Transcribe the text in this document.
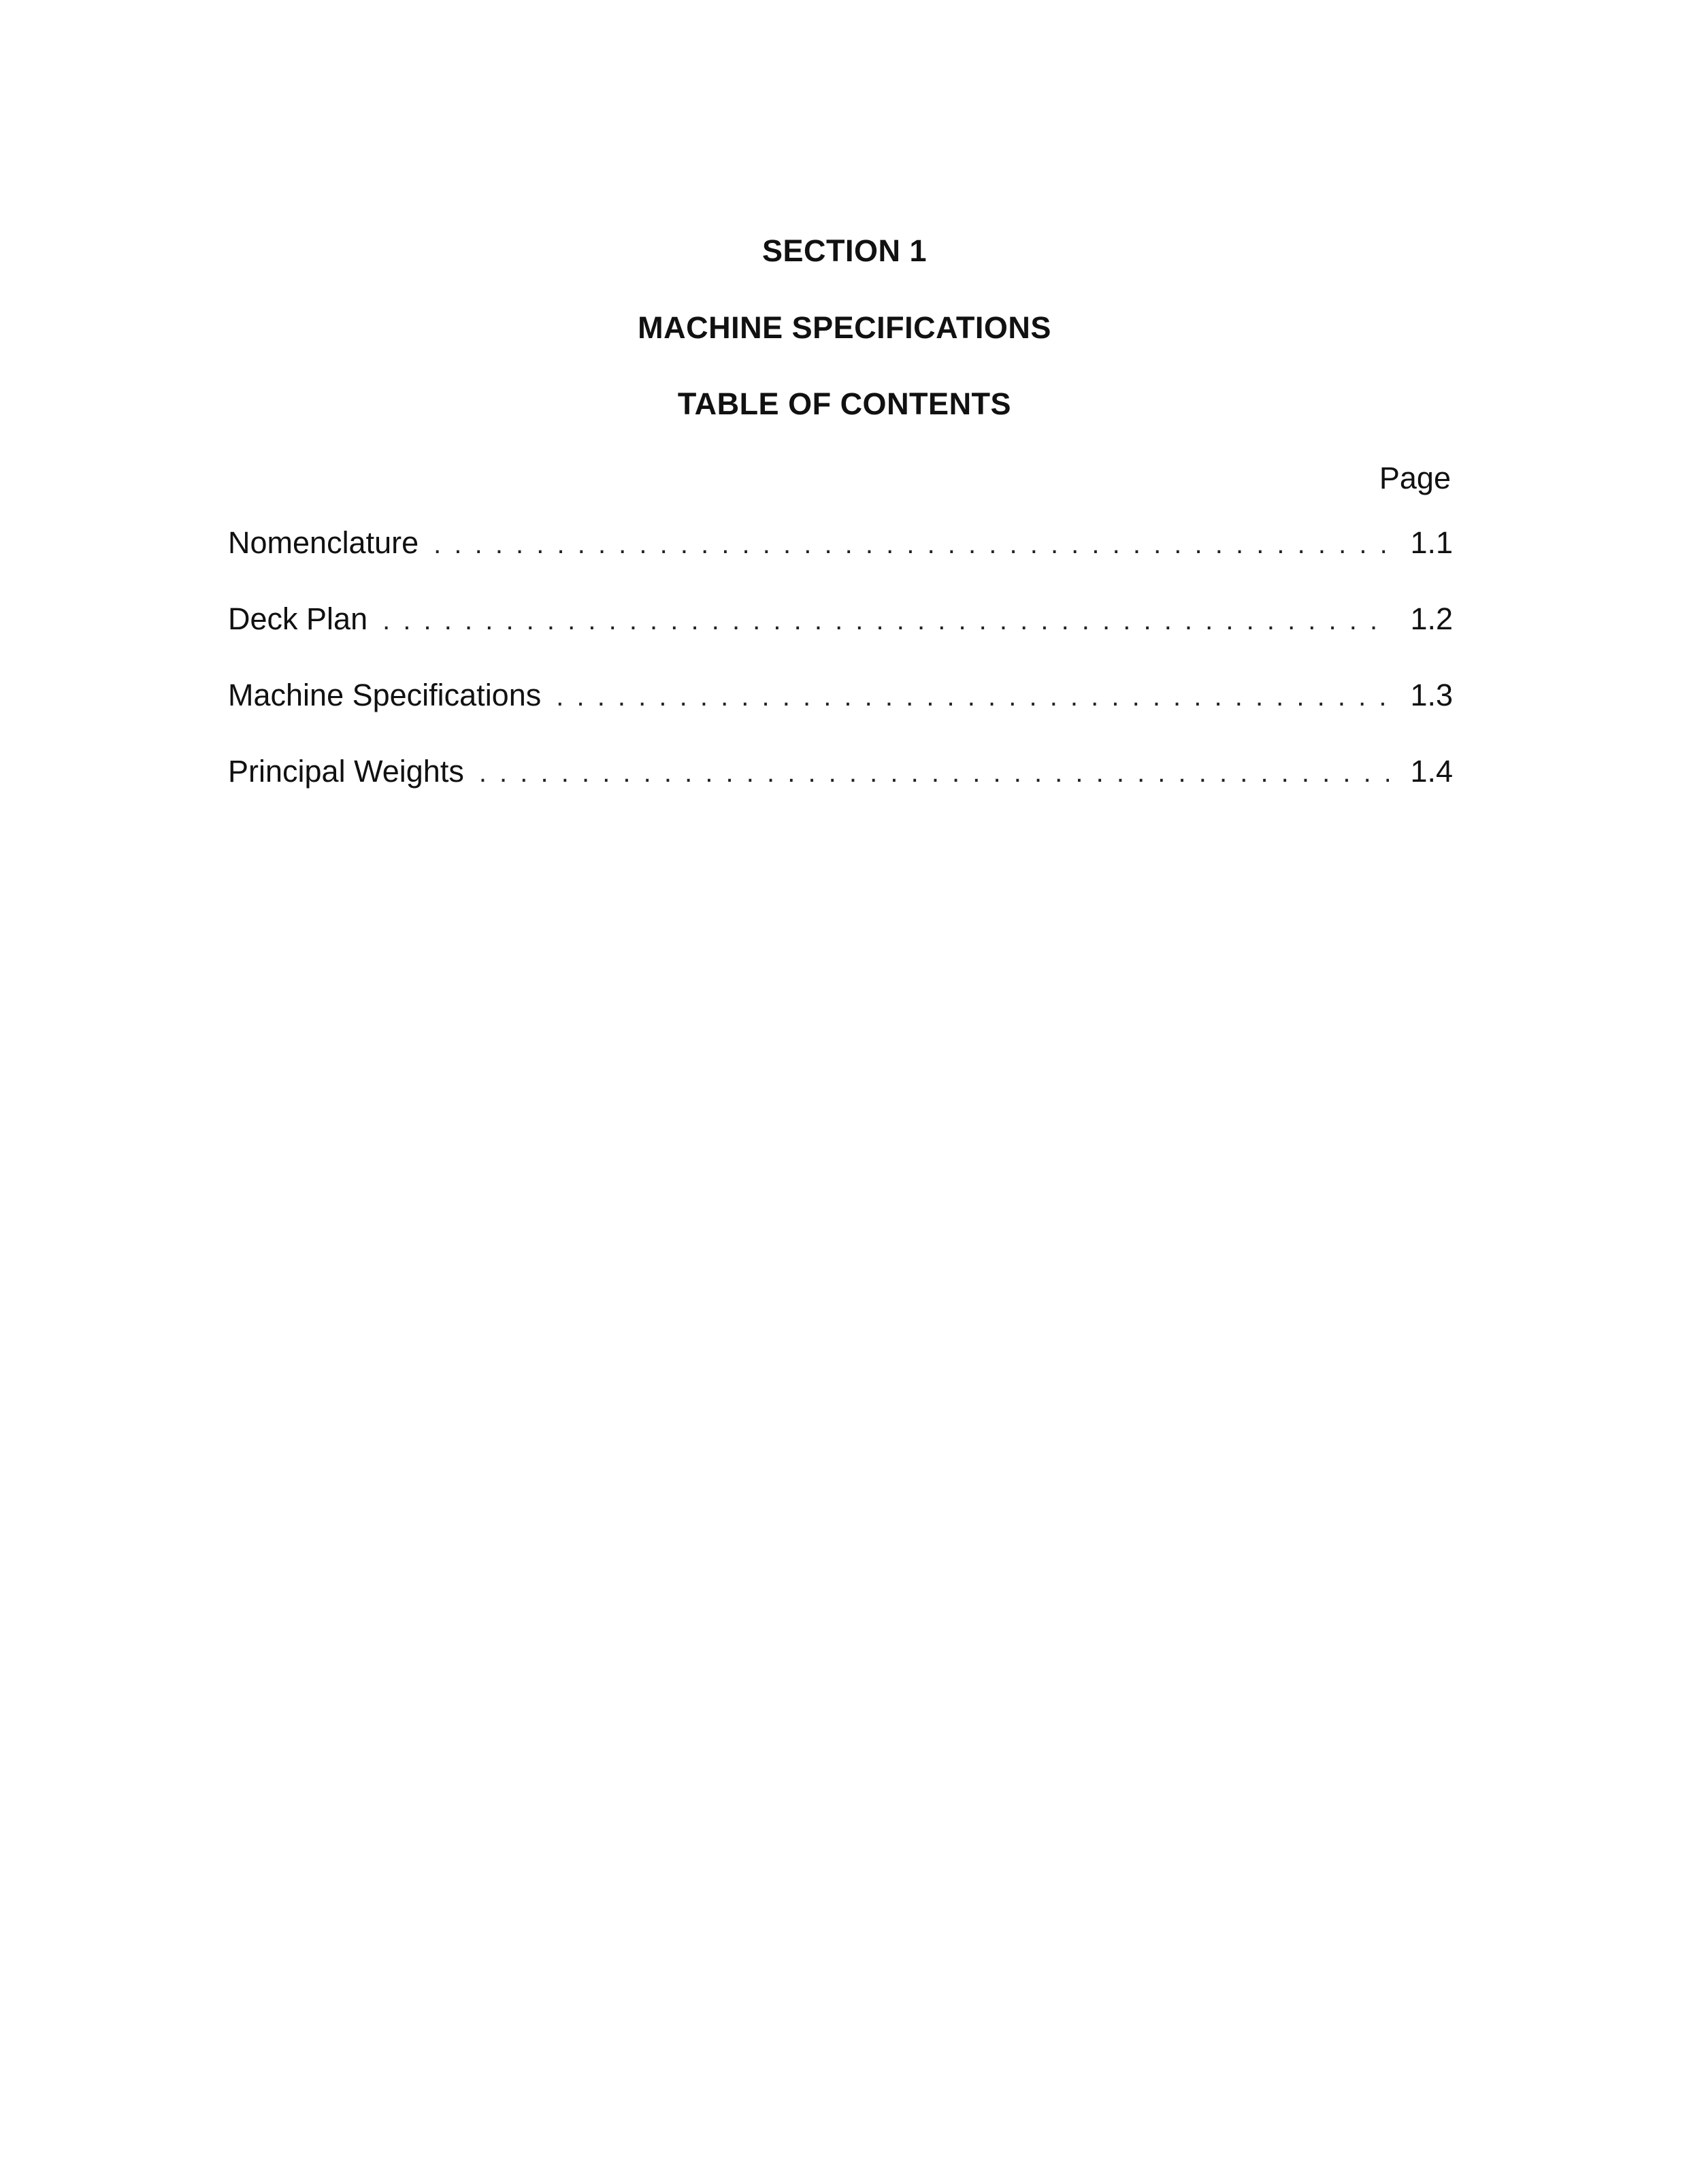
SECTION 1
MACHINE SPECIFICATIONS
TABLE OF CONTENTS
Page
Nomenclature . . .	1.1
Deck Plan . . .	1.2
Machine Specifications . . .	1.3
Principal Weights . . .	1.4
